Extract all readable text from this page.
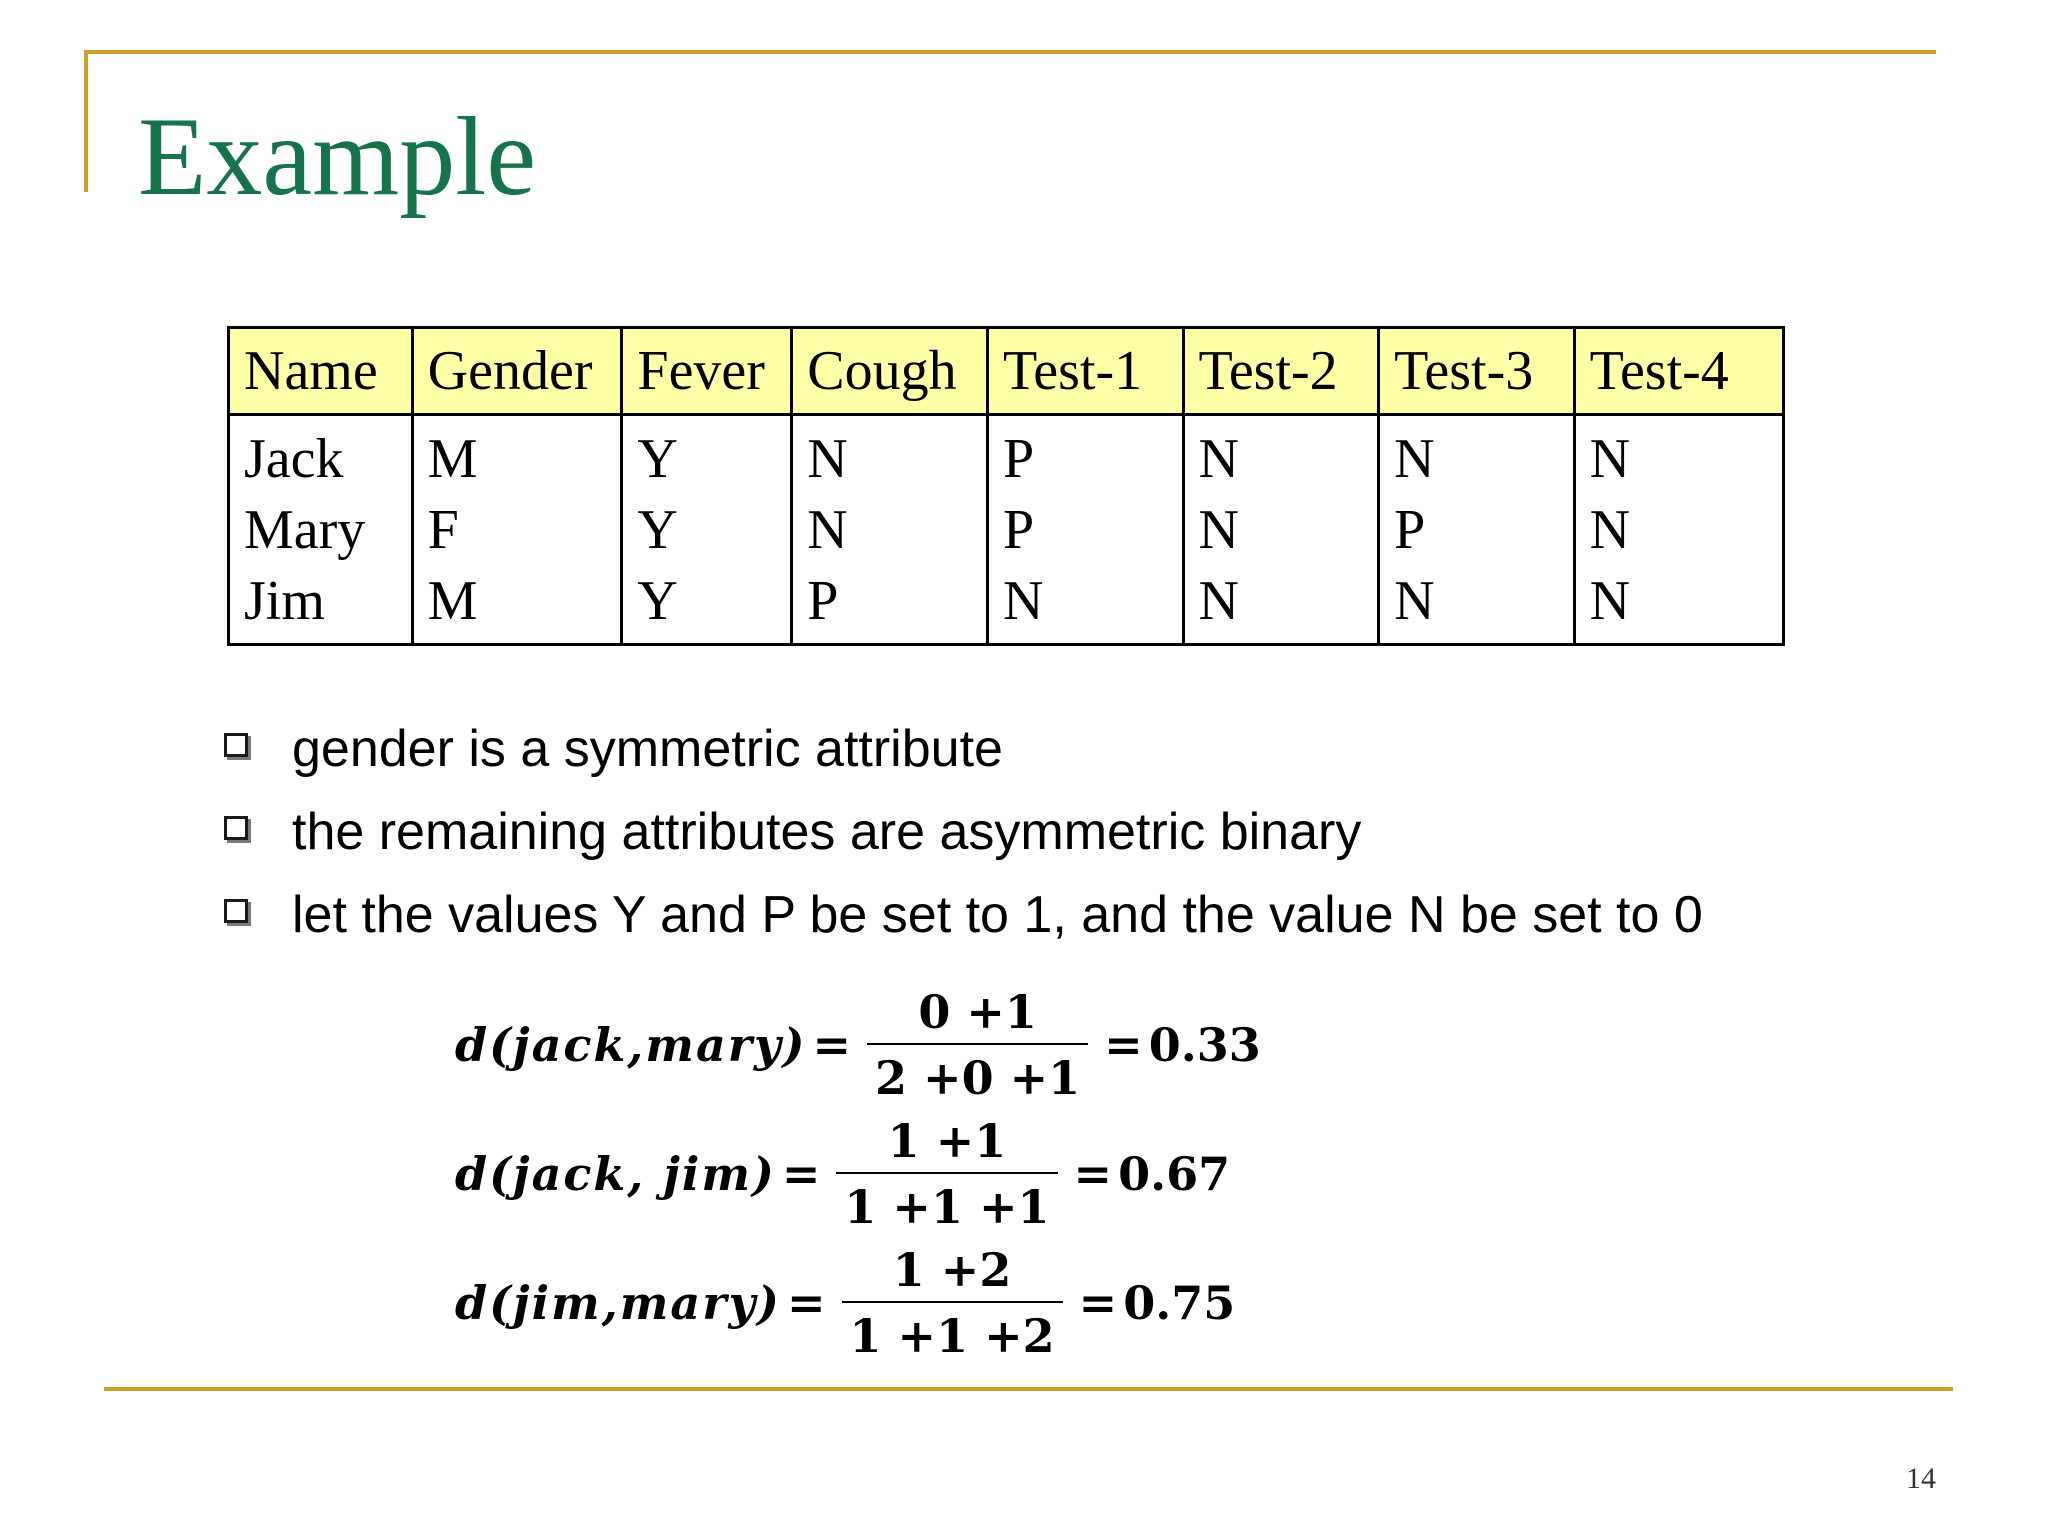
Example
Name	Gender	Fever	Cough	Test-1	Test-2	Test-3	Test-4
Jack	M	Y	N	P	N	N	N
Mary	F	Y	N	P	N	P	N
Jim	M	Y	P	N	N	N	N
gender is a symmetric attribute
the remaining attributes are asymmetric binary
let the values Y and P be set to 1, and the value N be set to 0
d(jack,mary) = $\frac{0 +1}{2 +0 +1} = 0.33$
d(jack, $jim) = \frac{1 +1}{1 +1 +1} = 0.67$
d(jim,mary) = $\frac{1 +2}{1 +1 +2} = 0.75$
14
